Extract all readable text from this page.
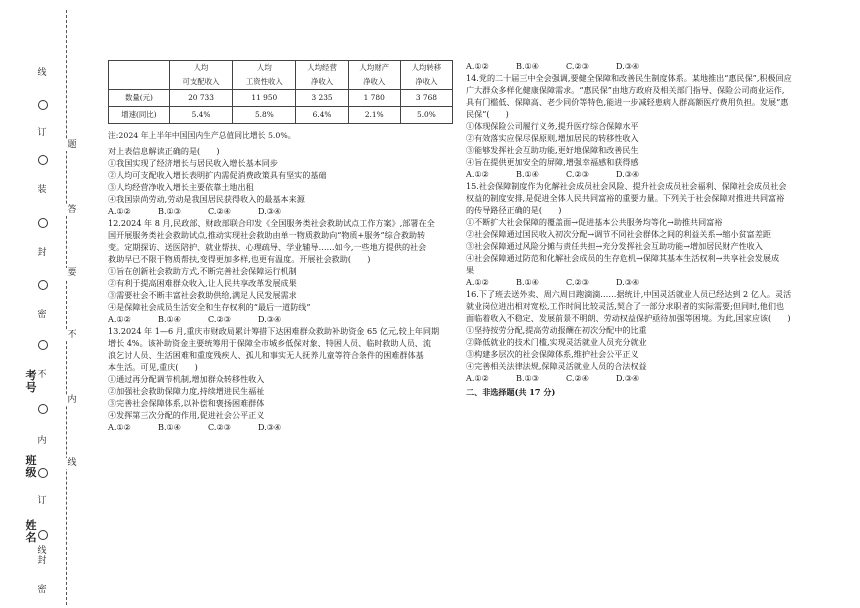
线
订
装
封
密
不
内
订
线
封
密
题
答
要
不
内
线
考号
班级
姓名
	人均	人均	人均经营	人均财产	人均转移
	可支配收入	工资性收入	净收入	净收入	净收入
数量(元)	20 733	11 950	3 235	1 780	3 768
增速(同比)	5.4%	5.8%	6.4%	2.1%	5.0%
注:2024 年上半年中国国内生产总值同比增长 5.0%。
对上表信息解读正确的是(　　)
①我国实现了经济增长与居民收入增长基本同步
②人均可支配收入增长表明扩内需促消费政策具有坚实的基础
③人均经营净收入增长主要依靠土地出租
④我国崇尚劳动,劳动是我国居民获得收入的最基本来源
A.①②	B.①③	C.②④	D.③④
12.2024 年 8 月,民政部、财政部联合印发《全国服务类社会救助试点工作方案》,部署在全
国开展服务类社会救助试点,推动实现社会救助由单一物质救助向“物质+服务”综合救助转
变。定期探访、送医陪护、就业帮扶、心理疏导、学业辅导……如今,一些地方提供的社会
救助早已不限于物质帮扶,变得更加多样,也更有温度。开展社会救助(　　)
①旨在创新社会救助方式,不断完善社会保障运行机制
②有利于提高困难群众收入,让人民共享改革发展成果
③需要社会不断丰富社会救助供给,满足人民发展需求
④是保障社会成员生活安全和生存权利的“最后一道防线”
A.①②	B.①④	C.②③	D.③④
13.2024 年 1—6 月,重庆市财政局累计筹措下达困难群众救助补助资金 65 亿元,较上年同期
增长 4%。该补助资金主要统筹用于保障全市城乡低保对象、特困人员、临时救助人员、流
浪乞讨人员、生活困难和重度残疾人、孤儿和事实无人抚养儿童等符合条件的困难群体基
本生活。可见,重庆(　　)
①通过再分配调节机制,增加群众转移性收入
②加强社会救助保障力度,持续增进民生福祉
③完善社会保障体系,以补偿和褒扬困难群体
④发挥第三次分配的作用,促进社会公平正义
A.①②	B.①④	C.②③	D.③④
A.①②	B.①④	C.②③	D.③④
14.党的二十届三中全会强调,要健全保障和改善民生制度体系。某地推出“惠民保”,积极回应
广大群众多样化健康保障需求。“惠民保”由地方政府及相关部门指导、保险公司商业运作,
具有门槛低、保障高、老少同价等特色,能进一步减轻患病人群高额医疗费用负担。发展“惠
民保”(　　)
①体现保险公司履行义务,提升医疗综合保障水平
②有效落实应保尽保原则,增加居民的转移性收入
③能够发挥社会互助功能,更好地保障和改善民生
④旨在提供更加安全的屏障,增强幸福感和获得感
A.①②	B.①④	C.②③	D.③④
15.社会保障制度作为化解社会成员社会风险、提升社会成员社会福利、保障社会成员社会
权益的制度安排,是促进全体人民共同富裕的重要力量。下列关于社会保障对推进共同富裕
的传导路径正确的是(　　)
①不断扩大社会保障的覆盖面→促进基本公共服务均等化→助推共同富裕
②社会保障通过国民收入初次分配→调节不同社会群体之间的利益关系→缩小贫富差距
③社会保障通过风险分摊与责任共担→充分发挥社会互助功能→增加居民财产性收入
④社会保障通过防范和化解社会成员的生存危机→保障其基本生活权利→共享社会发展成
果
A.①②	B.①④	C.②③	D.③④
16.下了班去送外卖、周六周日跑滴滴……据统计,中国灵活就业人员已经达到 2 亿人。灵活
就业岗位进出相对宽松,工作时间比较灵活,契合了一部分求职者的实际需要;但同时,他们也
面临着收入不稳定、发展前景不明朗、劳动权益保护亟待加强等困境。为此,国家应该(　　)
①坚持按劳分配,提高劳动报酬在初次分配中的比重
②降低就业的技术门槛,实现灵活就业人员充分就业
③构建多层次的社会保障体系,维护社会公平正义
④完善相关法律法规,保障灵活就业人员的合法权益
A.①②	B.①③	C.②④	D.③④
二、非选择题(共 17 分)
